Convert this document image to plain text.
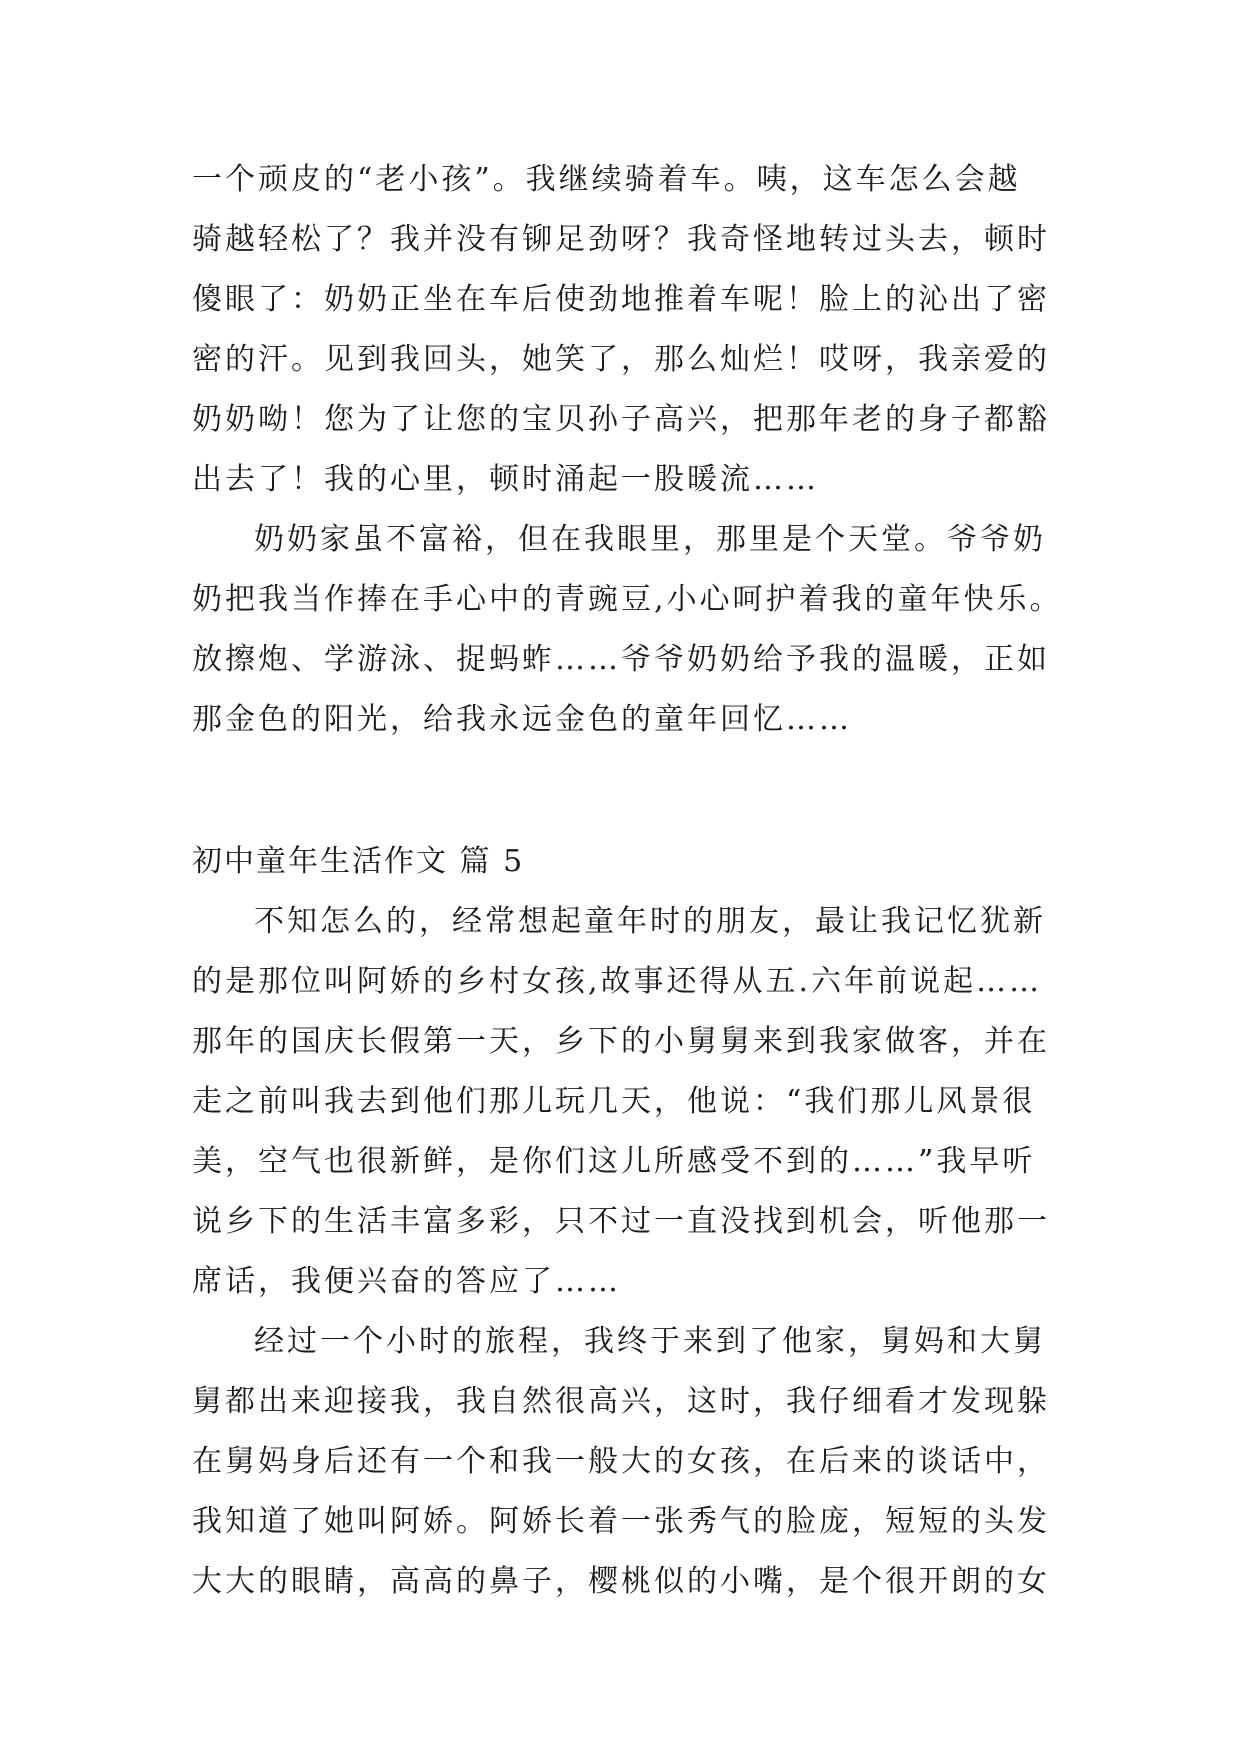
一个顽皮的“老小孩”。我继续骑着车。咦，这车怎么会越
骑越轻松了？我并没有铆足劲呀？我奇怪地转过头去，顿时
傻眼了：奶奶正坐在车后使劲地推着车呢！脸上的沁出了密
密的汗。见到我回头，她笑了，那么灿烂！哎呀，我亲爱的
奶奶呦！您为了让您的宝贝孙子高兴，把那年老的身子都豁
出去了！我的心里，顿时涌起一股暖流……
奶奶家虽不富裕，但在我眼里，那里是个天堂。爷爷奶
奶把我当作捧在手心中的青豌豆,小心呵护着我的童年快乐。
放擦炮、学游泳、捉蚂蚱……爷爷奶奶给予我的温暖，正如
那金色的阳光，给我永远金色的童年回忆……
初中童年生活作文 篇 5
不知怎么的，经常想起童年时的朋友，最让我记忆犹新
的是那位叫阿娇的乡村女孩,故事还得从五.六年前说起……
那年的国庆长假第一天，乡下的小舅舅来到我家做客，并在
走之前叫我去到他们那儿玩几天，他说：“我们那儿风景很
美，空气也很新鲜，是你们这儿所感受不到的……”我早听
说乡下的生活丰富多彩，只不过一直没找到机会，听他那一
席话，我便兴奋的答应了……
经过一个小时的旅程，我终于来到了他家，舅妈和大舅
舅都出来迎接我，我自然很高兴，这时，我仔细看才发现躲
在舅妈身后还有一个和我一般大的女孩，在后来的谈话中，
我知道了她叫阿娇。阿娇长着一张秀气的脸庞，短短的头发
大大的眼睛，高高的鼻子，樱桃似的小嘴，是个很开朗的女
